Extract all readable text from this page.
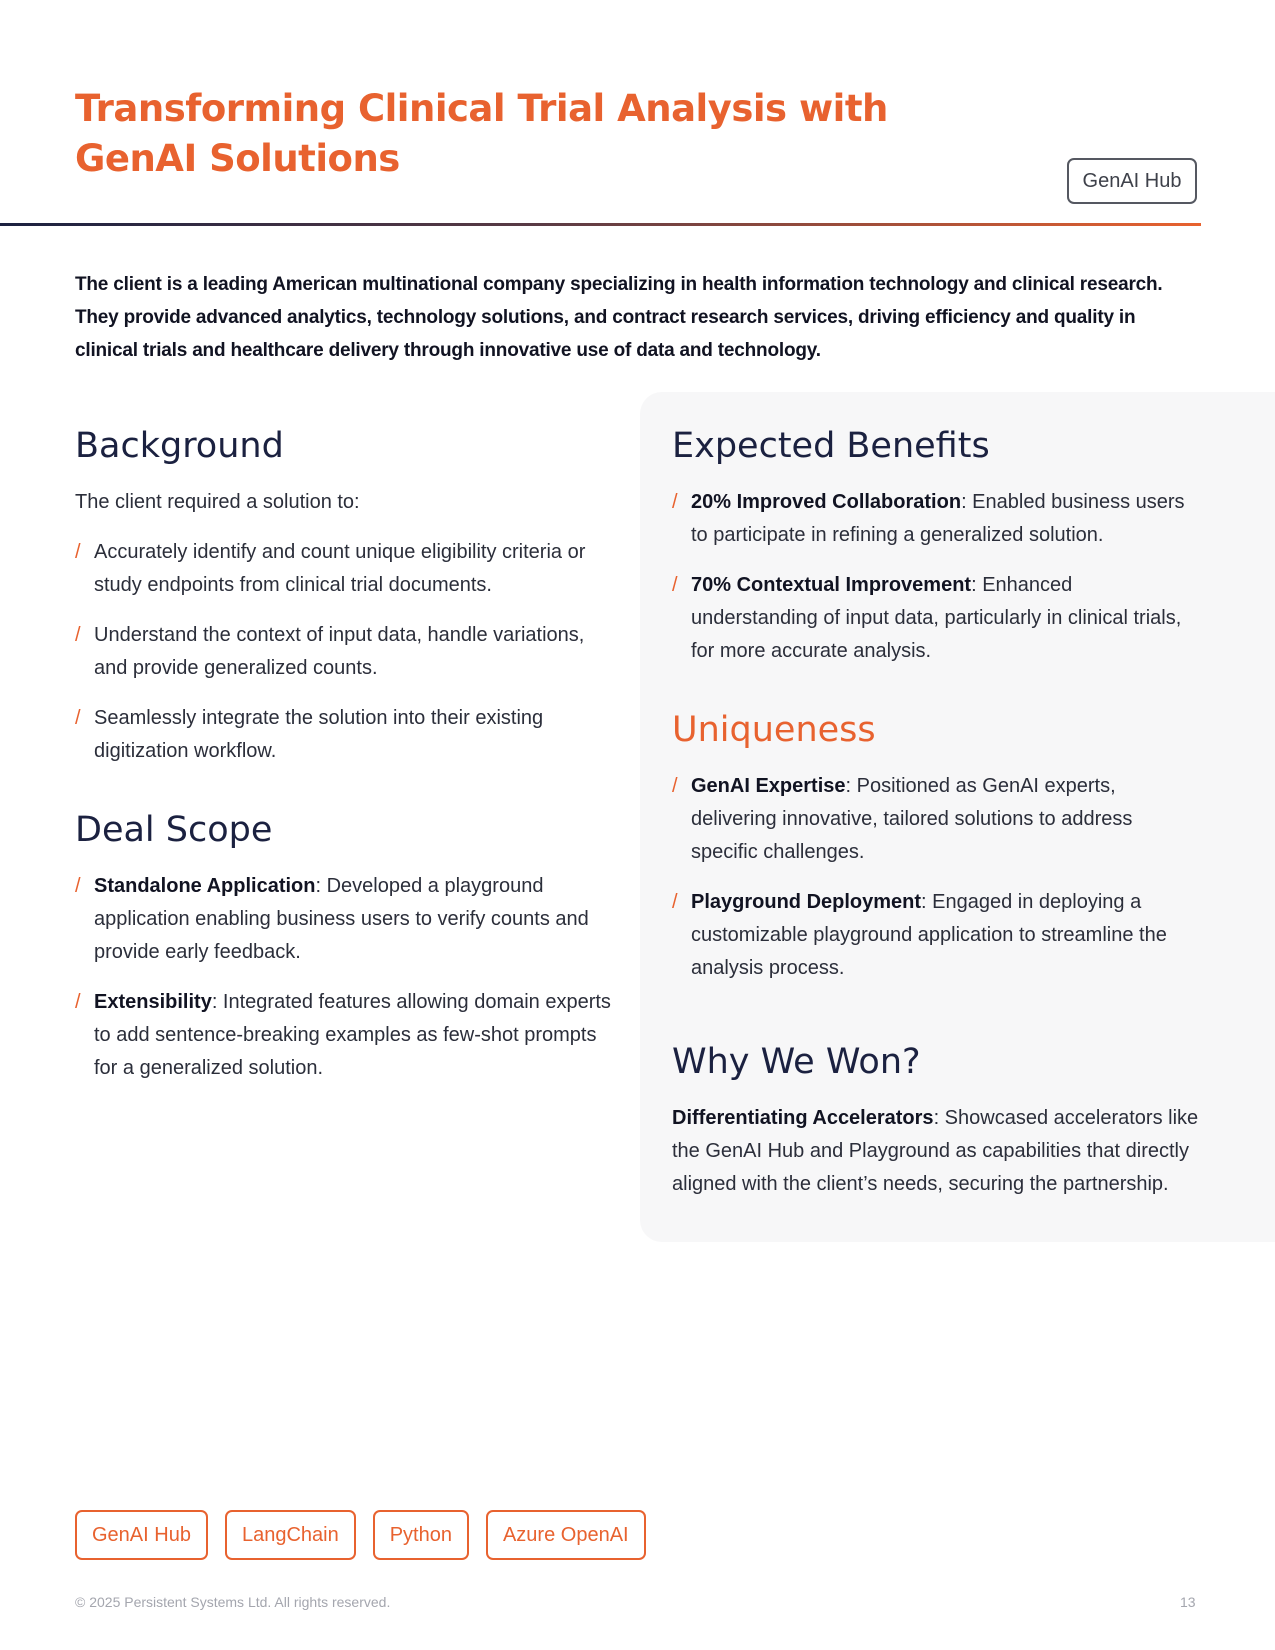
Transforming Clinical Trial Analysis with GenAI Solutions
GenAI Hub

The client is a leading American multinational company specializing in health information technology and clinical research. They provide advanced analytics, technology solutions, and contract research services, driving efficiency and quality in clinical trials and healthcare delivery through innovative use of data and technology.

Background

The client required a solution to:

/ Accurately identify and count unique eligibility criteria or study endpoints from clinical trial documents.
/ Understand the context of input data, handle variations, and provide generalized counts.
/ Seamlessly integrate the solution into their existing digitization workflow.
Deal Scope
/ Standalone Application: Developed a playground application enabling business users to verify counts and provide early feedback.
/ Extensibility: Integrated features allowing domain experts to add sentence-breaking examples as few-shot prompts for a generalized solution.
Expected Benefits
/ 20% Improved Collaboration: Enabled business users to participate in refining a generalized solution.
/ 70% Contextual Improvement: Enhanced understanding of input data, particularly in clinical trials, for more accurate analysis.
Uniqueness
/ GenAI Expertise: Positioned as GenAI experts, delivering innovative, tailored solutions to address specific challenges.
/ Playground Deployment: Engaged in deploying a customizable playground application to streamline the analysis process.
Why We Won?

Differentiating Accelerators: Showcased accelerators like the GenAI Hub and Playground as capabilities that directly aligned with the client’s needs, securing the partnership.

GenAI Hub	LangChain	Python	Azure OpenAI
© 2025 Persistent Systems Ltd. All rights reserved.	13
